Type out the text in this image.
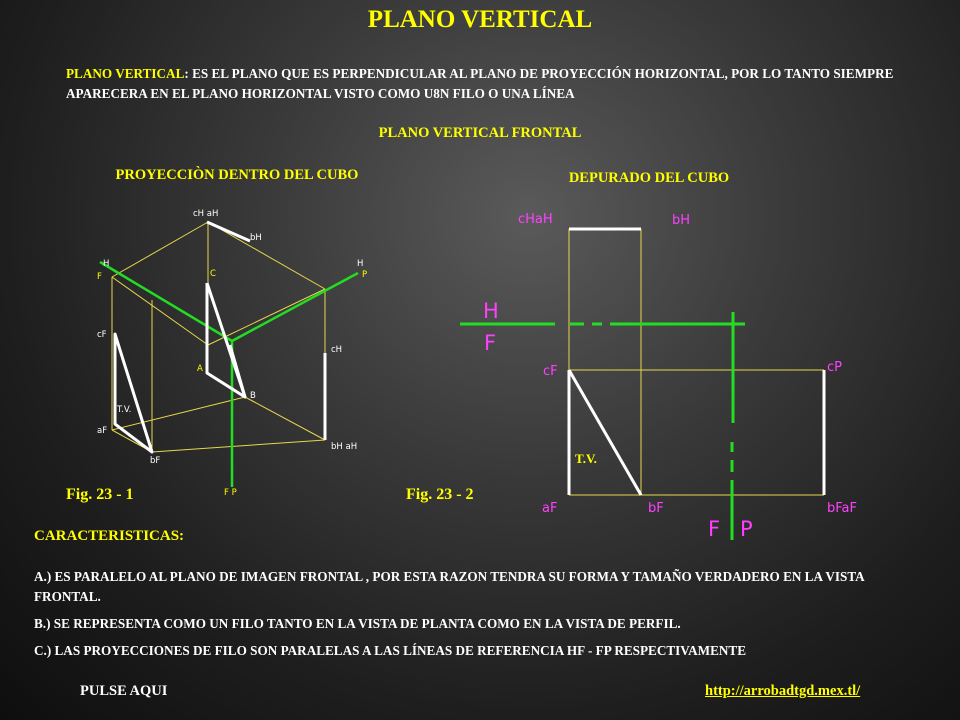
PLANO VERTICAL
PLANO VERTICAL: ES EL PLANO QUE ES PERPENDICULAR AL PLANO DE PROYECCIÓN HORIZONTAL, POR LO TANTO SIEMPRE APARECERA EN EL PLANO HORIZONTAL VISTO COMO U8N FILO O UNA LÍNEA
PLANO VERTICAL FRONTAL
PROYECCIÒN DENTRO DEL CUBO	DEPURADO DEL CUBO
cH aH
bH
H
F
H
P
C
cF
cH
A
B
T.V.
aF
bH aH
bF
F P
cHaH	bH
H
F
cF	cP
T.V.
aF	bF	bFaF
F P
Fig. 23 - 1	Fig. 23 - 2
CARACTERISTICAS:
A.) ES PARALELO AL PLANO DE IMAGEN FRONTAL , POR ESTA RAZON TENDRA SU FORMA Y TAMAÑO VERDADERO EN LA VISTA FRONTAL.
B.) SE REPRESENTA COMO UN FILO TANTO EN LA VISTA DE PLANTA COMO EN LA VISTA DE PERFIL.
C.) LAS PROYECCIONES DE FILO SON PARALELAS A LAS LÍNEAS DE REFERENCIA HF - FP RESPECTIVAMENTE
PULSE AQUI	http://arrobadtgd.mex.tl/
